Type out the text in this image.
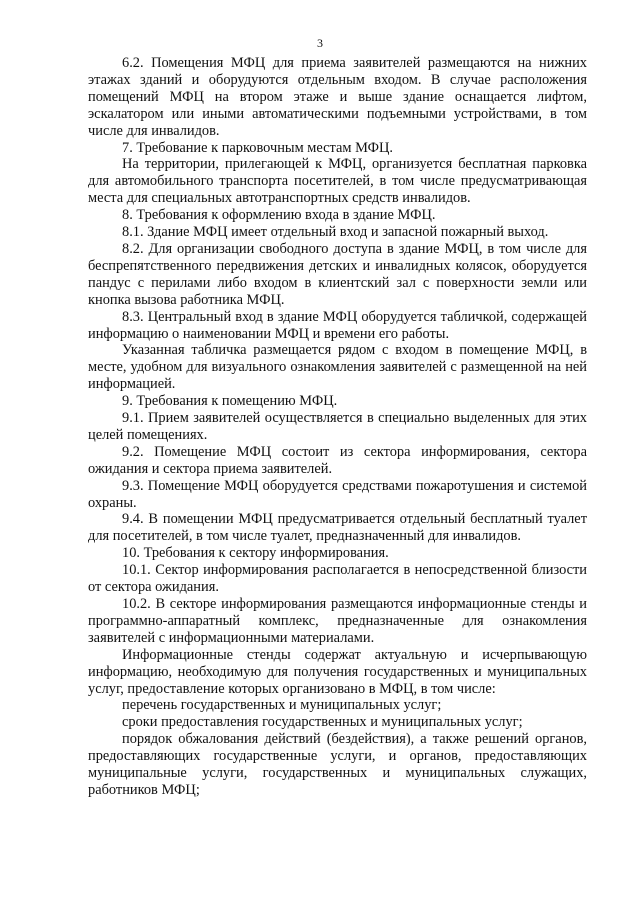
3

6.2. Помещения МФЦ для приема заявителей размещаются на нижних этажах зданий и оборудуются отдельным входом. В случае расположения помещений МФЦ на втором этаже и выше здание оснащается лифтом, эскалатором или иными автоматическими подъемными устройствами, в том числе для инвалидов.

7. Требование к парковочным местам МФЦ.

На территории, прилегающей к МФЦ, организуется бесплатная парковка для автомобильного транспорта посетителей, в том числе предусматривающая места для специальных автотранспортных средств инвалидов.

8. Требования к оформлению входа в здание МФЦ.

8.1. Здание МФЦ имеет отдельный вход и запасной пожарный выход.

8.2. Для организации свободного доступа в здание МФЦ, в том числе для беспрепятственного передвижения детских и инвалидных колясок, оборудуется пандус с перилами либо входом в клиентский зал с поверхности земли или кнопка вызова работника МФЦ.

8.3. Центральный вход в здание МФЦ оборудуется табличкой, содержащей информацию о наименовании МФЦ и времени его работы.

Указанная табличка размещается рядом с входом в помещение МФЦ, в месте, удобном для визуального ознакомления заявителей с размещенной на ней информацией.

9. Требования к помещению МФЦ.

9.1. Прием заявителей осуществляется в специально выделенных для этих целей помещениях.

9.2. Помещение МФЦ состоит из сектора информирования, сектора ожидания и сектора приема заявителей.

9.3. Помещение МФЦ оборудуется средствами пожаротушения и системой охраны.

9.4. В помещении МФЦ предусматривается отдельный бесплатный туалет для посетителей, в том числе туалет, предназначенный для инвалидов.

10. Требования к сектору информирования.

10.1. Сектор информирования располагается в непосредственной близости от сектора ожидания.

10.2. В секторе информирования размещаются информационные стенды и программно-аппаратный комплекс, предназначенные для ознакомления заявителей с информационными материалами.

Информационные стенды содержат актуальную и исчерпывающую информацию, необходимую для получения государственных и муниципальных услуг, предоставление которых организовано в МФЦ, в том числе:

перечень государственных и муниципальных услуг;

сроки предоставления государственных и муниципальных услуг;

порядок обжалования действий (бездействия), а также решений органов, предоставляющих государственные услуги, и органов, предоставляющих муниципальные услуги, государственных и муниципальных служащих, работников МФЦ;
